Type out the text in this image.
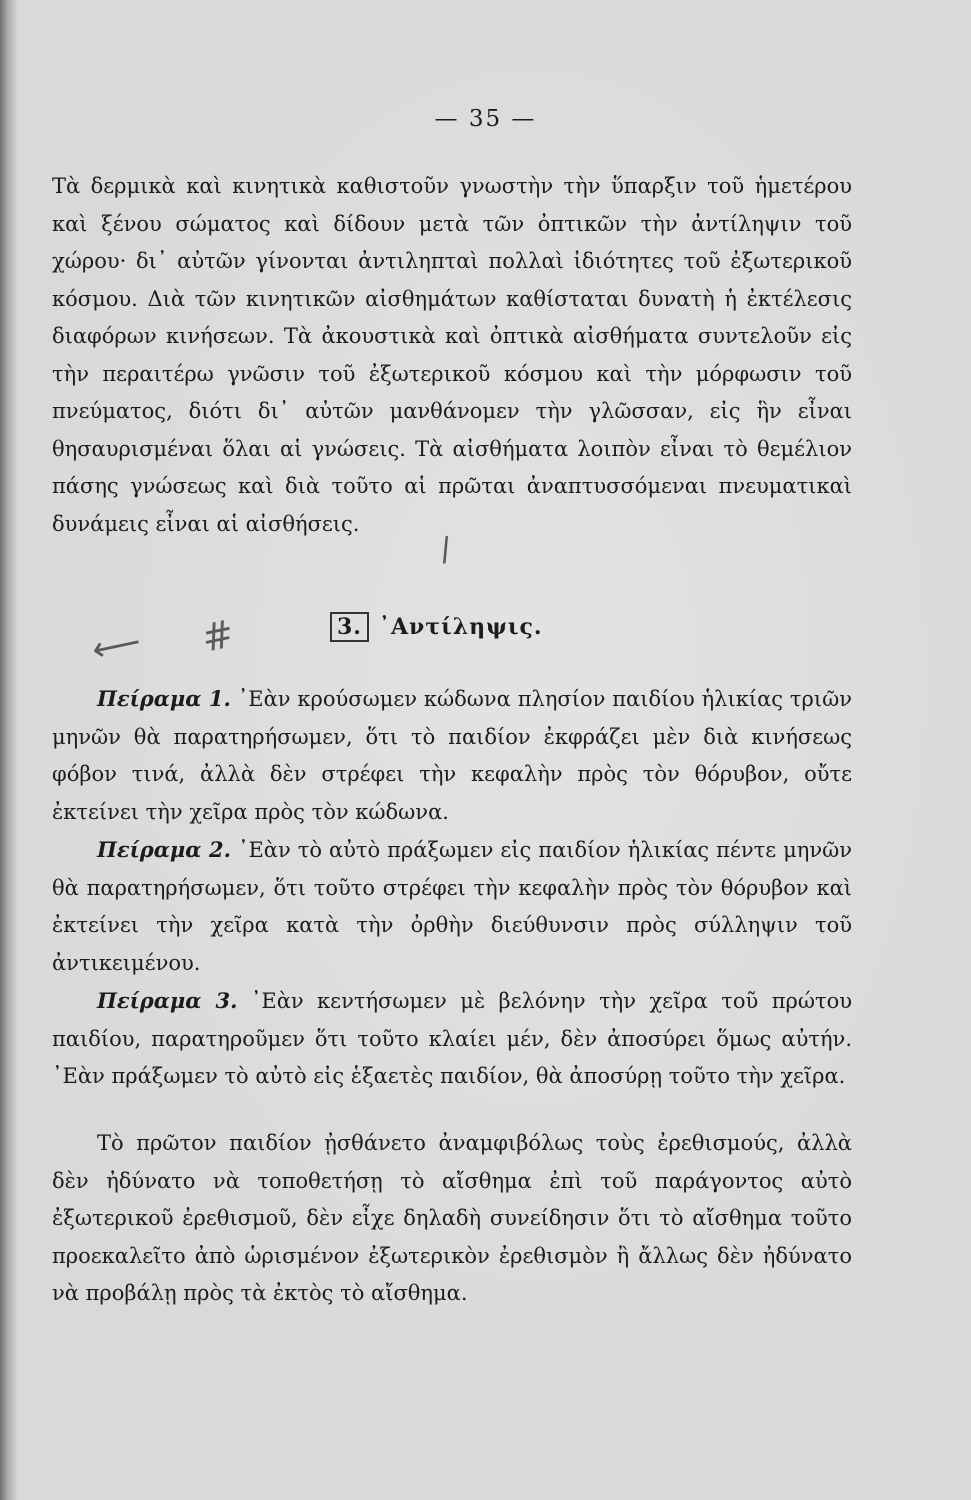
— 35 —

Τὰ δερμικὰ καὶ κινητικὰ καθιστοῦν γνωστὴν τὴν ὕπαρξιν τοῦ ἡμετέρου καὶ ξένου σώματος καὶ δίδουν μετὰ τῶν ὀπτικῶν τὴν ἀντίληψιν τοῦ χώρου· δι᾽ αὐτῶν γίνονται ἀντιληπταὶ πολλαὶ ἰδιότητες τοῦ ἐξωτερικοῦ κόσμου. Διὰ τῶν κινητικῶν αἰσθημάτων καθίσταται δυνατὴ ἡ ἐκτέλεσις διαφόρων κινήσεων. Τὰ ἀκουστικὰ καὶ ὀπτικὰ αἰσθήματα συντελοῦν εἰς τὴν περαιτέρω γνῶσιν τοῦ ἐξωτερικοῦ κόσμου καὶ τὴν μόρφωσιν τοῦ πνεύματος, διότι δι᾽ αὐτῶν μανθάνομεν τὴν γλῶσσαν, εἰς ἣν εἶναι θησαυρισμέναι ὅλαι αἱ γνώσεις. Τὰ αἰσθήματα λοιπὸν εἶναι τὸ θεμέλιον πάσης γνώσεως καὶ διὰ τοῦτο αἱ πρῶται ἀναπτυσσόμεναι πνευματικαὶ δυνάμεις εἶναι αἱ αἰσθήσεις.

/
⟵ #	3. ᾿Αντίληψις.

Πείραμα 1. ᾿Εὰν κρούσωμεν κώδωνα πλησίον παιδίου ἡλικίας τριῶν μηνῶν θὰ παρατηρήσωμεν, ὅτι τὸ παιδίον ἐκφράζει μὲν διὰ κινήσεως φόβον τινά, ἀλλὰ δὲν στρέφει τὴν κεφαλὴν πρὸς τὸν θόρυβον, οὔτε ἐκτείνει τὴν χεῖρα πρὸς τὸν κώδωνα.

Πείραμα 2. ᾿Εὰν τὸ αὐτὸ πράξωμεν εἰς παιδίον ἡλικίας πέντε μηνῶν θὰ παρατηρήσωμεν, ὅτι τοῦτο στρέφει τὴν κεφαλὴν πρὸς τὸν θόρυβον καὶ ἐκτείνει τὴν χεῖρα κατὰ τὴν ὀρθὴν διεύθυνσιν πρὸς σύλληψιν τοῦ ἀντικειμένου.

Πείραμα 3. ᾿Εὰν κεντήσωμεν μὲ βελόνην τὴν χεῖρα τοῦ πρώτου παιδίου, παρατηροῦμεν ὅτι τοῦτο κλαίει μέν, δὲν ἀποσύρει ὅμως αὐτήν. ᾿Εὰν πράξωμεν τὸ αὐτὸ εἰς ἑξαετὲς παιδίον, θὰ ἀποσύρῃ τοῦτο τὴν χεῖρα.

Τὸ πρῶτον παιδίον ᾐσθάνετο ἀναμφιβόλως τοὺς ἐρεθισμούς, ἀλλὰ δὲν ἠδύνατο νὰ τοποθετήσῃ τὸ αἴσθημα ἐπὶ τοῦ παράγοντος αὐτὸ ἐξωτερικοῦ ἐρεθισμοῦ, δὲν εἶχε δηλαδὴ συνείδησιν ὅτι τὸ αἴσθημα τοῦτο προεκαλεῖτο ἀπὸ ὡρισμένον ἐξωτερικὸν ἐρεθισμὸν ἢ ἄλλως δὲν ἠδύνατο νὰ προβάλῃ πρὸς τὰ ἐκτὸς τὸ αἴσθημα.
